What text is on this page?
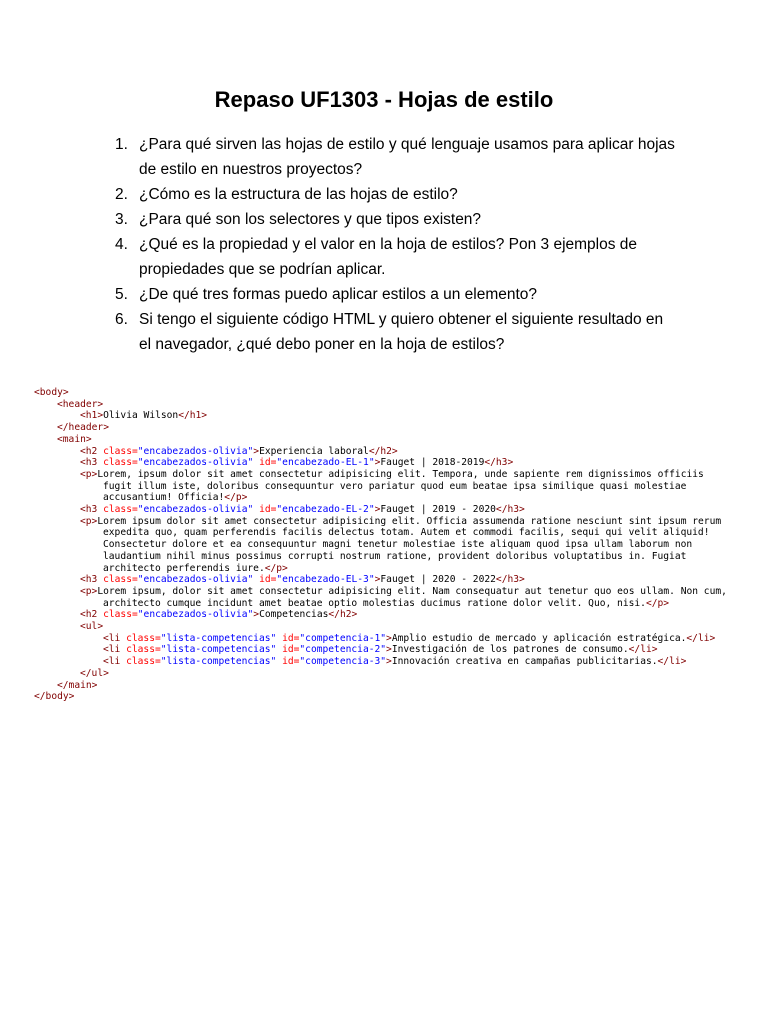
Repaso UF1303 - Hojas de estilo
1. ¿Para qué sirven las hojas de estilo y qué lenguaje usamos para aplicar hojas
de estilo en nuestros proyectos?
2. ¿Cómo es la estructura de las hojas de estilo?
3. ¿Para qué son los selectores y que tipos existen?
4. ¿Qué es la propiedad y el valor en la hoja de estilos? Pon 3 ejemplos de
propiedades que se podrían aplicar.
5. ¿De qué tres formas puedo aplicar estilos a un elemento?
6. Si tengo el siguiente código HTML y quiero obtener el siguiente resultado en
el navegador, ¿qué debo poner en la hoja de estilos?
<body>
<header>
<h1>Olivia Wilson</h1>
</header>
<main>
<h2 class="encabezados-olivia">Experiencia laboral</h2>
<h3 class="encabezados-olivia" id="encabezado-EL-1">Fauget | 2018-2019</h3>
<p>Lorem, ipsum dolor sit amet consectetur adipisicing elit. Tempora, unde sapiente rem dignissimos officiis
fugit illum iste, doloribus consequuntur vero pariatur quod eum beatae ipsa similique quasi molestiae
accusantium! Officia!</p>
<h3 class="encabezados-olivia" id="encabezado-EL-2">Fauget | 2019 - 2020</h3>
<p>Lorem ipsum dolor sit amet consectetur adipisicing elit. Officia assumenda ratione nesciunt sint ipsum rerum
expedita quo, quam perferendis facilis delectus totam. Autem et commodi facilis, sequi qui velit aliquid!
Consectetur dolore et ea consequuntur magni tenetur molestiae iste aliquam quod ipsa ullam laborum non
laudantium nihil minus possimus corrupti nostrum ratione, provident doloribus voluptatibus in. Fugiat
architecto perferendis iure.</p>
<h3 class="encabezados-olivia" id="encabezado-EL-3">Fauget | 2020 - 2022</h3>
<p>Lorem ipsum, dolor sit amet consectetur adipisicing elit. Nam consequatur aut tenetur quo eos ullam. Non cum,
architecto cumque incidunt amet beatae optio molestias ducimus ratione dolor velit. Quo, nisi.</p>
<h2 class="encabezados-olivia">Competencias</h2>
<ul>
<li class="lista-competencias" id="competencia-1">Amplio estudio de mercado y aplicación estratégica.</li>
<li class="lista-competencias" id="competencia-2">Investigación de los patrones de consumo.</li>
<li class="lista-competencias" id="competencia-3">Innovación creativa en campañas publicitarias.</li>
</ul>
</main>
</body>
